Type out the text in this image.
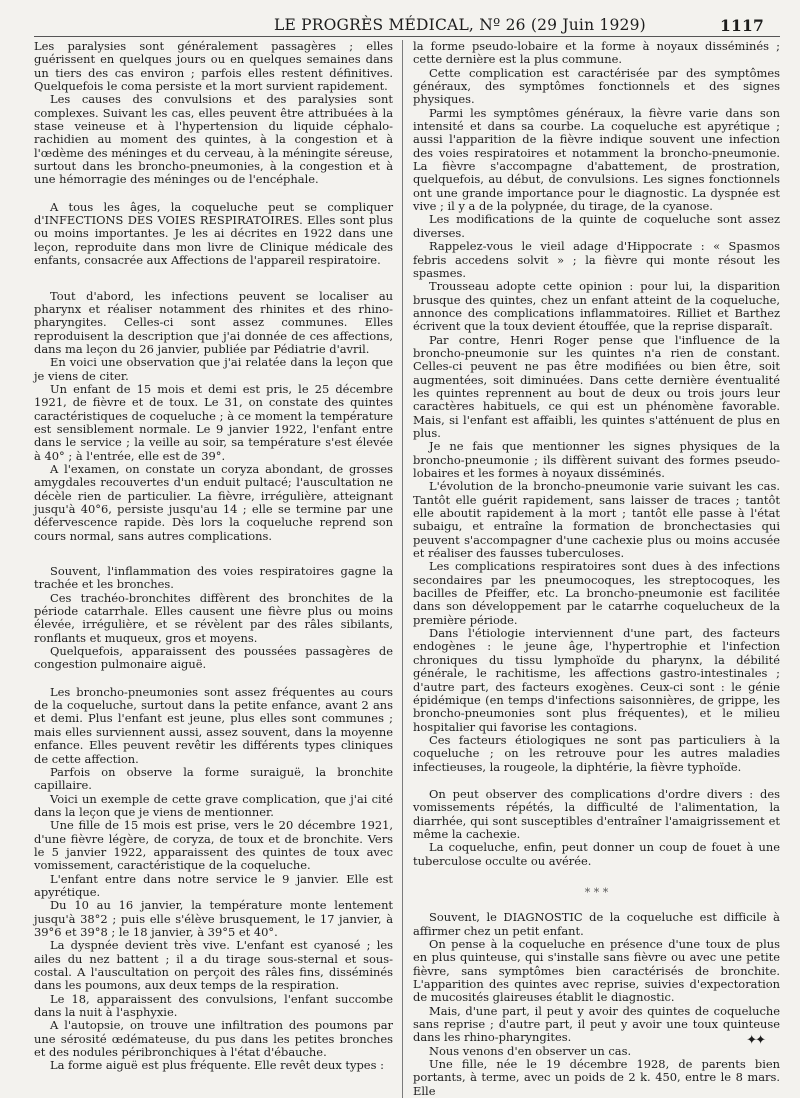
LE PROGRÈS MÉDICAL, Nº 26 (29 Juin 1929)	1117

Les paralysies sont généralement passagères ; elles guérissent en quelques jours ou en quelques semaines dans un tiers des cas environ ; parfois elles restent définitives. Quelquefois le coma persiste et la mort survient rapidement.

Les causes des convulsions et des paralysies sont complexes. Suivant les cas, elles peuvent être attribuées à la stase veineuse et à l'hypertension du liquide céphalo-rachidien au moment des quintes, à la congestion et à l'œdème des méninges et du cerveau, à la méningite séreuse, surtout dans les broncho-pneumonies, à la congestion et à une hémorragie des méninges ou de l'encéphale.

A tous les âges, la coqueluche peut se compliquer d'INFECTIONS DES VOIES RESPIRATOIRES. Elles sont plus ou moins importantes. Je les ai décrites en 1922 dans une leçon, reproduite dans mon livre de Clinique médicale des enfants, consacrée aux Affections de l'appareil respiratoire.

Tout d'abord, les infections peuvent se localiser au pharynx et réaliser notamment des rhinites et des rhino-pharyngites. Celles-ci sont assez communes. Elles reproduisent la description que j'ai donnée de ces affections, dans ma leçon du 26 janvier, publiée par Pédiatrie d'avril.

En voici une observation que j'ai relatée dans la leçon que je viens de citer.

Un enfant de 15 mois et demi est pris, le 25 décembre 1921, de fièvre et de toux. Le 31, on constate des quintes caractéristiques de coqueluche ; à ce moment la température est sensiblement normale. Le 9 janvier 1922, l'enfant entre dans le service ; la veille au soir, sa température s'est élevée à 40° ; à l'entrée, elle est de 39°.

A l'examen, on constate un coryza abondant, de grosses amygdales recouvertes d'un enduit pultacé; l'auscultation ne décèle rien de particulier. La fièvre, irrégulière, atteignant jusqu'à 40°6, persiste jusqu'au 14 ; elle se termine par une défervescence rapide. Dès lors la coqueluche reprend son cours normal, sans autres complications.

Souvent, l'inflammation des voies respiratoires gagne la trachée et les bronches.

Ces trachéo-bronchites diffèrent des bronchites de la période catarrhale. Elles causent une fièvre plus ou moins élevée, irrégulière, et se révèlent par des râles sibilants, ronflants et muqueux, gros et moyens.

Quelquefois, apparaissent des poussées passagères de congestion pulmonaire aiguë.

Les broncho-pneumonies sont assez fréquentes au cours de la coqueluche, surtout dans la petite enfance, avant 2 ans et demi. Plus l'enfant est jeune, plus elles sont communes ; mais elles surviennent aussi, assez souvent, dans la moyenne enfance. Elles peuvent revêtir les différents types cliniques de cette affection.

Parfois on observe la forme suraiguë, la bronchite capillaire.

Voici un exemple de cette grave complication, que j'ai cité dans la leçon que je viens de mentionner.

Une fille de 15 mois est prise, vers le 20 décembre 1921, d'une fièvre légère, de coryza, de toux et de bronchite. Vers le 5 janvier 1922, apparaissent des quintes de toux avec vomissement, caractéristique de la coqueluche.

L'enfant entre dans notre service le 9 janvier. Elle est apyrétique.

Du 10 au 16 janvier, la température monte lentement jusqu'à 38°2 ; puis elle s'élève brusquement, le 17 janvier, à 39°6 et 39°8 ; le 18 janvier, à 39°5 et 40°.

La dyspnée devient très vive. L'enfant est cyanosé ; les ailes du nez battent ; il a du tirage sous-sternal et sous-costal. A l'auscultation on perçoit des râles fins, disséminés dans les poumons, aux deux temps de la respiration.

Le 18, apparaissent des convulsions, l'enfant succombe dans la nuit à l'asphyxie.

A l'autopsie, on trouve une infiltration des poumons par une sérosité œdémateuse, du pus dans les petites bronches et des nodules péribronchiques à l'état d'ébauche.

La forme aiguë est plus fréquente. Elle revêt deux types :

la forme pseudo-lobaire et la forme à noyaux disséminés ; cette dernière est la plus commune.

Cette complication est caractérisée par des symptômes généraux, des symptômes fonctionnels et des signes physiques.

Parmi les symptômes généraux, la fièvre varie dans son intensité et dans sa courbe. La coqueluche est apyrétique ; aussi l'apparition de la fièvre indique souvent une infection des voies respiratoires et notamment la broncho-pneumonie. La fièvre s'accompagne d'abattement, de prostration, quelquefois, au début, de convulsions. Les signes fonctionnels ont une grande importance pour le diagnostic. La dyspnée est vive ; il y a de la polypnée, du tirage, de la cyanose.

Les modifications de la quinte de coqueluche sont assez diverses.

Rappelez-vous le vieil adage d'Hippocrate : « Spasmos febris accedens solvit » ; la fièvre qui monte résout les spasmes.

Trousseau adopte cette opinion : pour lui, la disparition brusque des quintes, chez un enfant atteint de la coqueluche, annonce des complications inflammatoires. Rilliet et Barthez écrivent que la toux devient étouffée, que la reprise disparaît.

Par contre, Henri Roger pense que l'influence de la broncho-pneumonie sur les quintes n'a rien de constant. Celles-ci peuvent ne pas être modifiées ou bien être, soit augmentées, soit diminuées. Dans cette dernière éventualité les quintes reprennent au bout de deux ou trois jours leur caractères habituels, ce qui est un phénomène favorable. Mais, si l'enfant est affaibli, les quintes s'atténuent de plus en plus.

Je ne fais que mentionner les signes physiques de la broncho-pneumonie ; ils diffèrent suivant des formes pseudo-lobaires et les formes à noyaux disséminés.

L'évolution de la broncho-pneumonie varie suivant les cas. Tantôt elle guérit rapidement, sans laisser de traces ; tantôt elle aboutit rapidement à la mort ; tantôt elle passe à l'état subaigu, et entraîne la formation de bronchectasies qui peuvent s'accompagner d'une cachexie plus ou moins accusée et réaliser des fausses tuberculoses.

Les complications respiratoires sont dues à des infections secondaires par les pneumocoques, les streptocoques, les bacilles de Pfeiffer, etc. La broncho-pneumonie est facilitée dans son développement par le catarrhe coquelucheux de la première période.

Dans l'étiologie interviennent d'une part, des facteurs endogènes : le jeune âge, l'hypertrophie et l'infection chroniques du tissu lymphoïde du pharynx, la débilité générale, le rachitisme, les affections gastro-intestinales ; d'autre part, des facteurs exogènes. Ceux-ci sont : le génie épidémique (en temps d'infections saisonnières, de grippe, les broncho-pneumonies sont plus fréquentes), et le milieu hospitalier qui favorise les contagions.

Ces facteurs étiologiques ne sont pas particuliers à la coqueluche ; on les retrouve pour les autres maladies infectieuses, la rougeole, la diphtérie, la fièvre typhoïde.

On peut observer des complications d'ordre divers : des vomissements répétés, la difficulté de l'alimentation, la diarrhée, qui sont susceptibles d'entraîner l'amaigrissement et même la cachexie.

La coqueluche, enfin, peut donner un coup de fouet à une tuberculose occulte ou avérée.

* * *

Souvent, le DIAGNOSTIC de la coqueluche est difficile à affirmer chez un petit enfant.

On pense à la coqueluche en présence d'une toux de plus en plus quinteuse, qui s'installe sans fièvre ou avec une petite fièvre, sans symptômes bien caractérisés de bronchite. L'apparition des quintes avec reprise, suivies d'expectoration de mucosités glaireuses établit le diagnostic.

Mais, d'une part, il peut y avoir des quintes de coqueluche sans reprise ; d'autre part, il peut y avoir une toux quinteuse dans les rhino-pharyngites.

Nous venons d'en observer un cas.

Une fille, née le 19 décembre 1928, de parents bien portants, à terme, avec un poids de 2 k. 450, entre le 8 mars. Elle

✦✦
